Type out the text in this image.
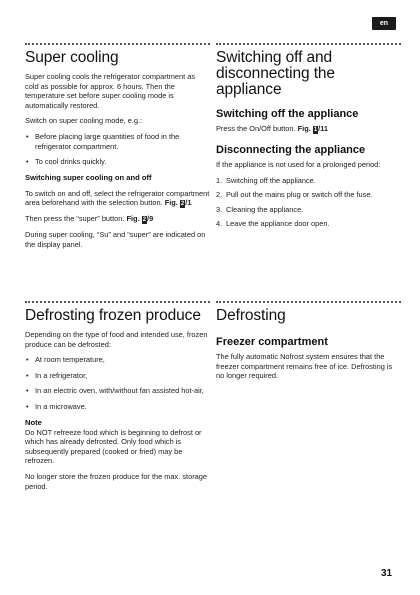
en
Super cooling

Super cooling cools the refrigerator compartment as cold as possible for approx. 6 hours. Then the temperature set before super cooling mode is automatically restored.

Switch on super cooling mode, e.g.:

• Before placing large quantities of food in the refrigerator compartment.
• To cool drinks quickly.
Switching super cooling on and off

To switch on and off, select the refrigerator compartment area beforehand with the selection button. Fig. 2/1

Then press the “super” button. Fig. 2/9

During super cooling, “Su” and “super” are indicated on the display panel.

Switching off and disconnecting the appliance
Switching off the appliance

Press the On/Off button. Fig. 1/11

Disconnecting the appliance

If the appliance is not used for a prolonged period:

1. Switching off the appliance.
2. Pull out the mains plug or switch off the fuse.
3. Cleaning the appliance.
4. Leave the appliance door open.
Defrosting frozen produce

Depending on the type of food and intended use, frozen produce can be defrosted:

• At room temperature,
• In a refrigerator,
• In an electric oven, with/without fan assisted hot-air,
• In a microwave.
Note

Do NOT refreeze food which is beginning to defrost or which has already defrosted. Only food which is subsequently prepared (cooked or fried) may be refrozen.

No longer store the frozen produce for the max. storage period.

Defrosting
Freezer compartment

The fully automatic Nofrost system ensures that the freezer compartment remains free of ice. Defrosting is no longer required.

31
